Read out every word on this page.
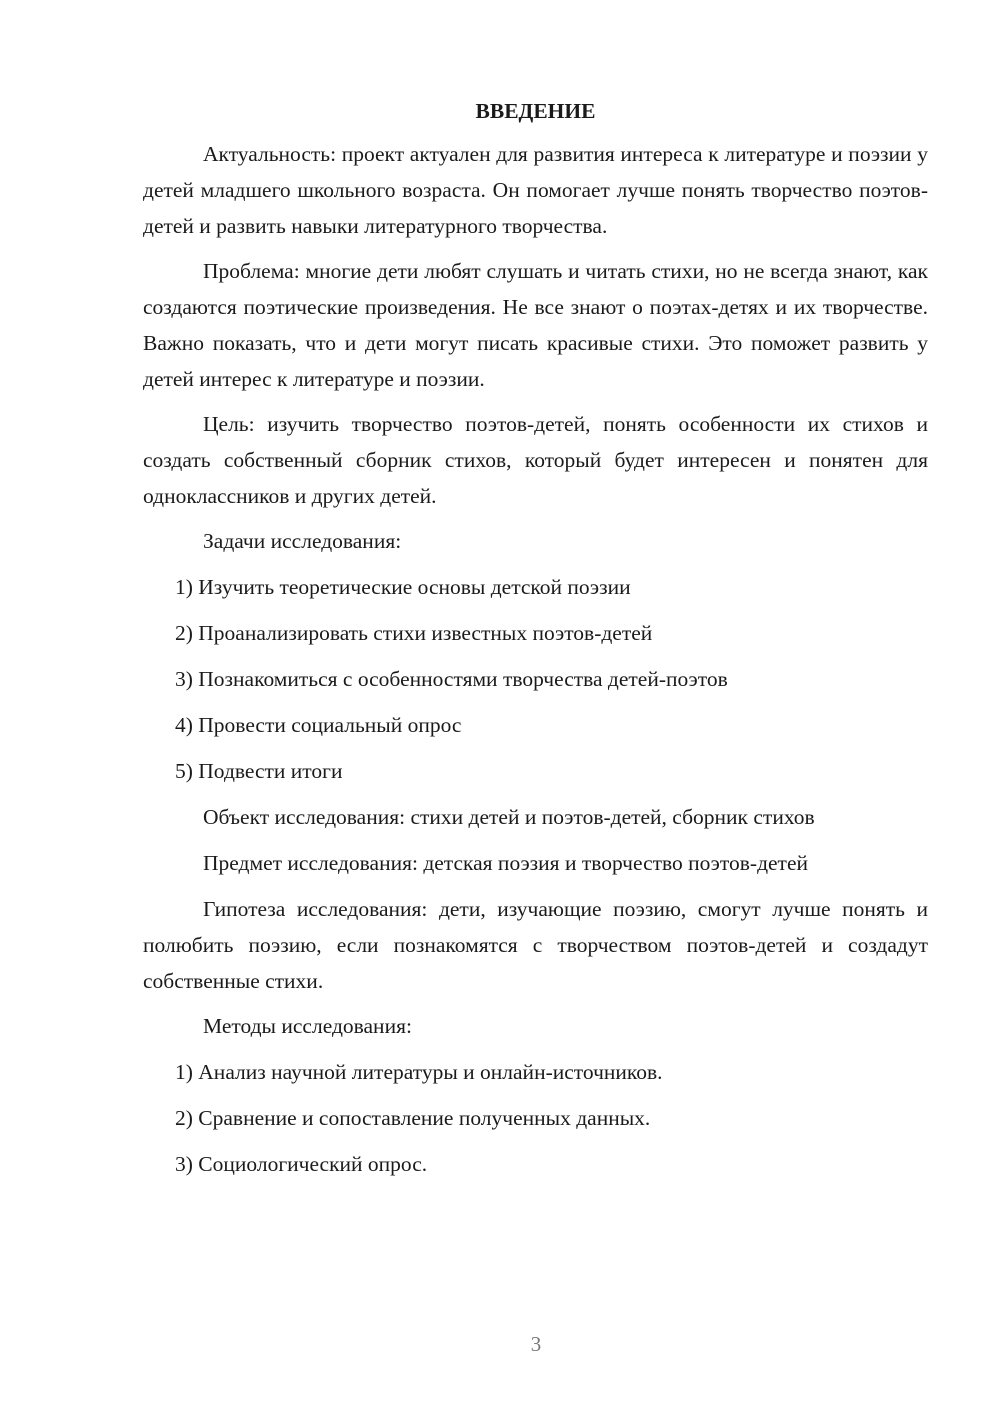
ВВЕДЕНИЕ

Актуальность: проект актуален для развития интереса к литературе и поэзии у детей младшего школьного возраста. Он помогает лучше понять творчество поэтов-детей и развить навыки литературного творчества.

Проблема: многие дети любят слушать и читать стихи, но не всегда знают, как создаются поэтические произведения. Не все знают о поэтах-детях и их творчестве. Важно показать, что и дети могут писать красивые стихи. Это поможет развить у детей интерес к литературе и поэзии.

Цель: изучить творчество поэтов-детей, понять особенности их стихов и создать собственный сборник стихов, который будет интересен и понятен для одноклассников и других детей.

Задачи исследования:

1) Изучить теоретические основы детской поэзии
2) Проанализировать стихи известных поэтов-детей
3) Познакомиться с особенностями творчества детей-поэтов
4) Провести социальный опрос
5) Подвести итоги

Объект исследования: стихи детей и поэтов-детей, сборник стихов

Предмет исследования: детская поэзия и творчество поэтов-детей

Гипотеза исследования: дети, изучающие поэзию, смогут лучше понять и полюбить поэзию, если познакомятся с творчеством поэтов-детей и создадут собственные стихи.

Методы исследования:

1) Анализ научной литературы и онлайн-источников.
2) Сравнение и сопоставление полученных данных.
3) Социологический опрос.
3
